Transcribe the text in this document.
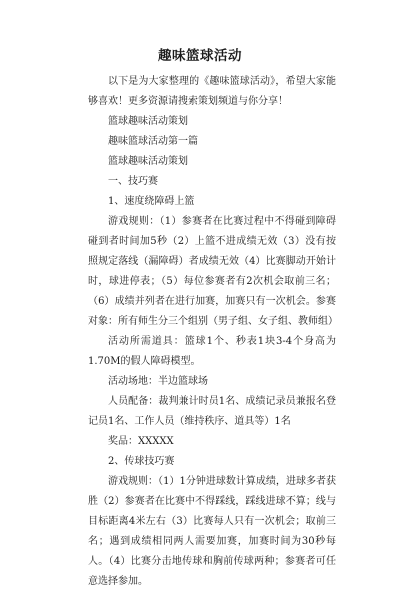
趣味篮球活动

以下是为大家整理的《趣味篮球活动》，希望大家能够喜欢！更多资源请搜索策划频道与你分享！

篮球趣味活动策划

趣味篮球活动第一篇

篮球趣味活动策划

一、技巧赛

1、速度绕障碍上篮

游戏规则：（1）参赛者在比赛过程中不得碰到障碍碰到者时间加5秒（2）上篮不进成绩无效（3）没有按照规定落线（漏障碍）者成绩无效（4）比赛脚动开始计时，球进停表；（5）每位参赛者有2次机会取前三名；（6）成绩并列者在进行加赛，加赛只有一次机会。参赛对象：所有师生分三个组别（男子组、女子组、教师组）

活动所需道具：篮球1个、秒表1块3-4个身高为1.70M的假人障碍模型。

活动场地：半边篮球场

人员配备：裁判兼计时员1名、成绩记录员兼报名登记员1名、工作人员（维持秩序、道具等）1名

奖品：XXXXX

2、传球技巧赛

游戏规则：（1）1分钟进球数计算成绩，进球多者获胜（2）参赛者在比赛中不得踩线，踩线进球不算；线与目标距离4米左右（3）比赛每人只有一次机会；取前三名；遇到成绩相同两人需要加赛，加赛时间为30秒每人。（4）比赛分击地传球和胸前传球两种；参赛者可任意选择参加。
